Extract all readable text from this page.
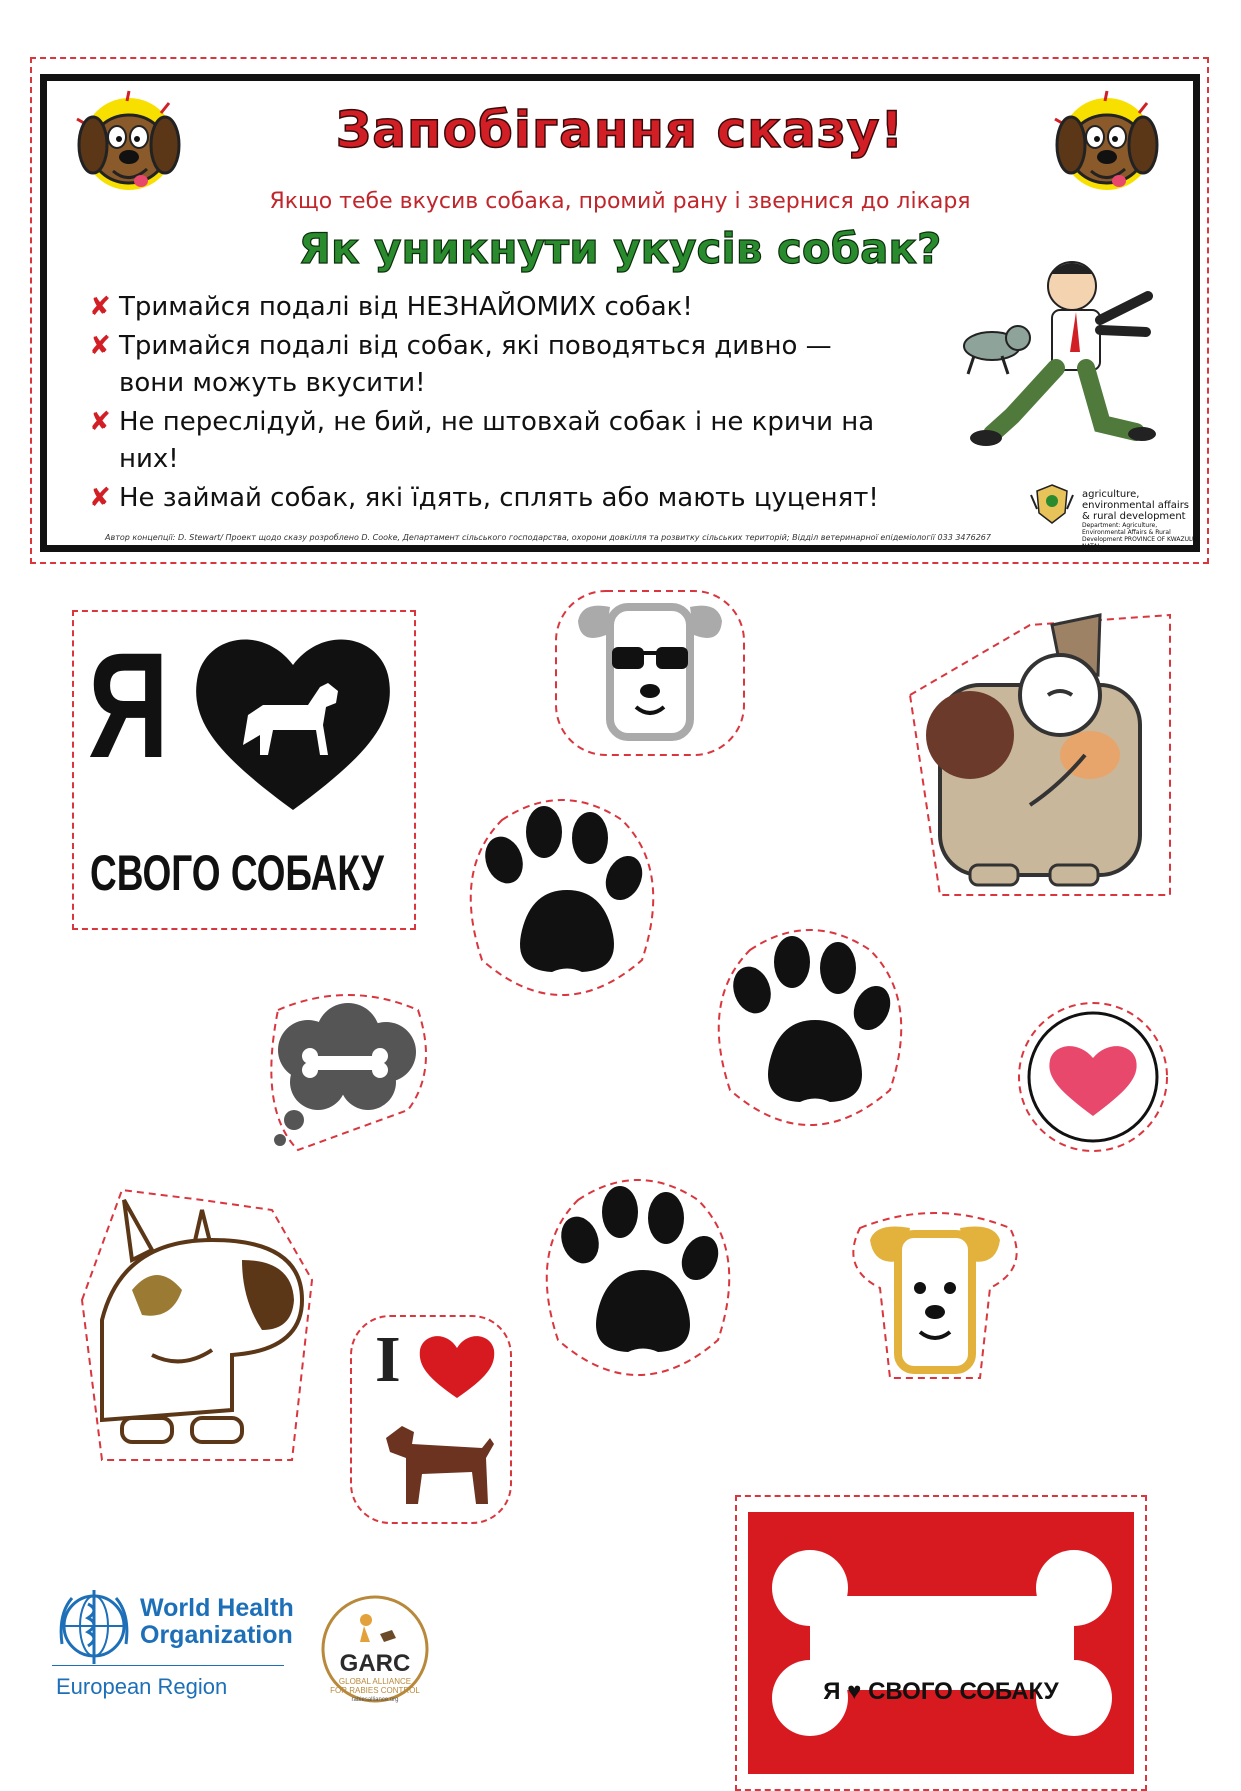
Запобігання сказу!
Якщо тебе вкусив собака, промий рану і звернися до лікаря
Як уникнути укусів собак?
✘ Тримайся подалі від НЕЗНАЙОМИХ собак!
✘ Тримайся подалі від собак, які поводяться дивно — вони можуть вкусити!
✘ Не переслідуй, не бий, не штовхай собак і не кричи на них!
✘ Не займай собак, які їдять, сплять або мають цуценят!	agriculture, environmental affairs
& rural development
Department: Agriculture, Environmental Affairs & Rural Development PROVINCE OF KWAZULU-NATAL
Автор концепції: D. Stewart/ Проект щодо сказу розроблено D. Cooke, Департамент сільського господарства, охорони довкілля та розвитку сільських територій; Відділ ветеринарної епідеміології 033 3476267
Я
СВОГО СОБАКУ
I
Я ♥ СВОГО СОБАКУ
World Health
Organization
European Region
GARC
GLOBAL ALLIANCE
FOR RABIES CONTROL
rabiesalliance.org
